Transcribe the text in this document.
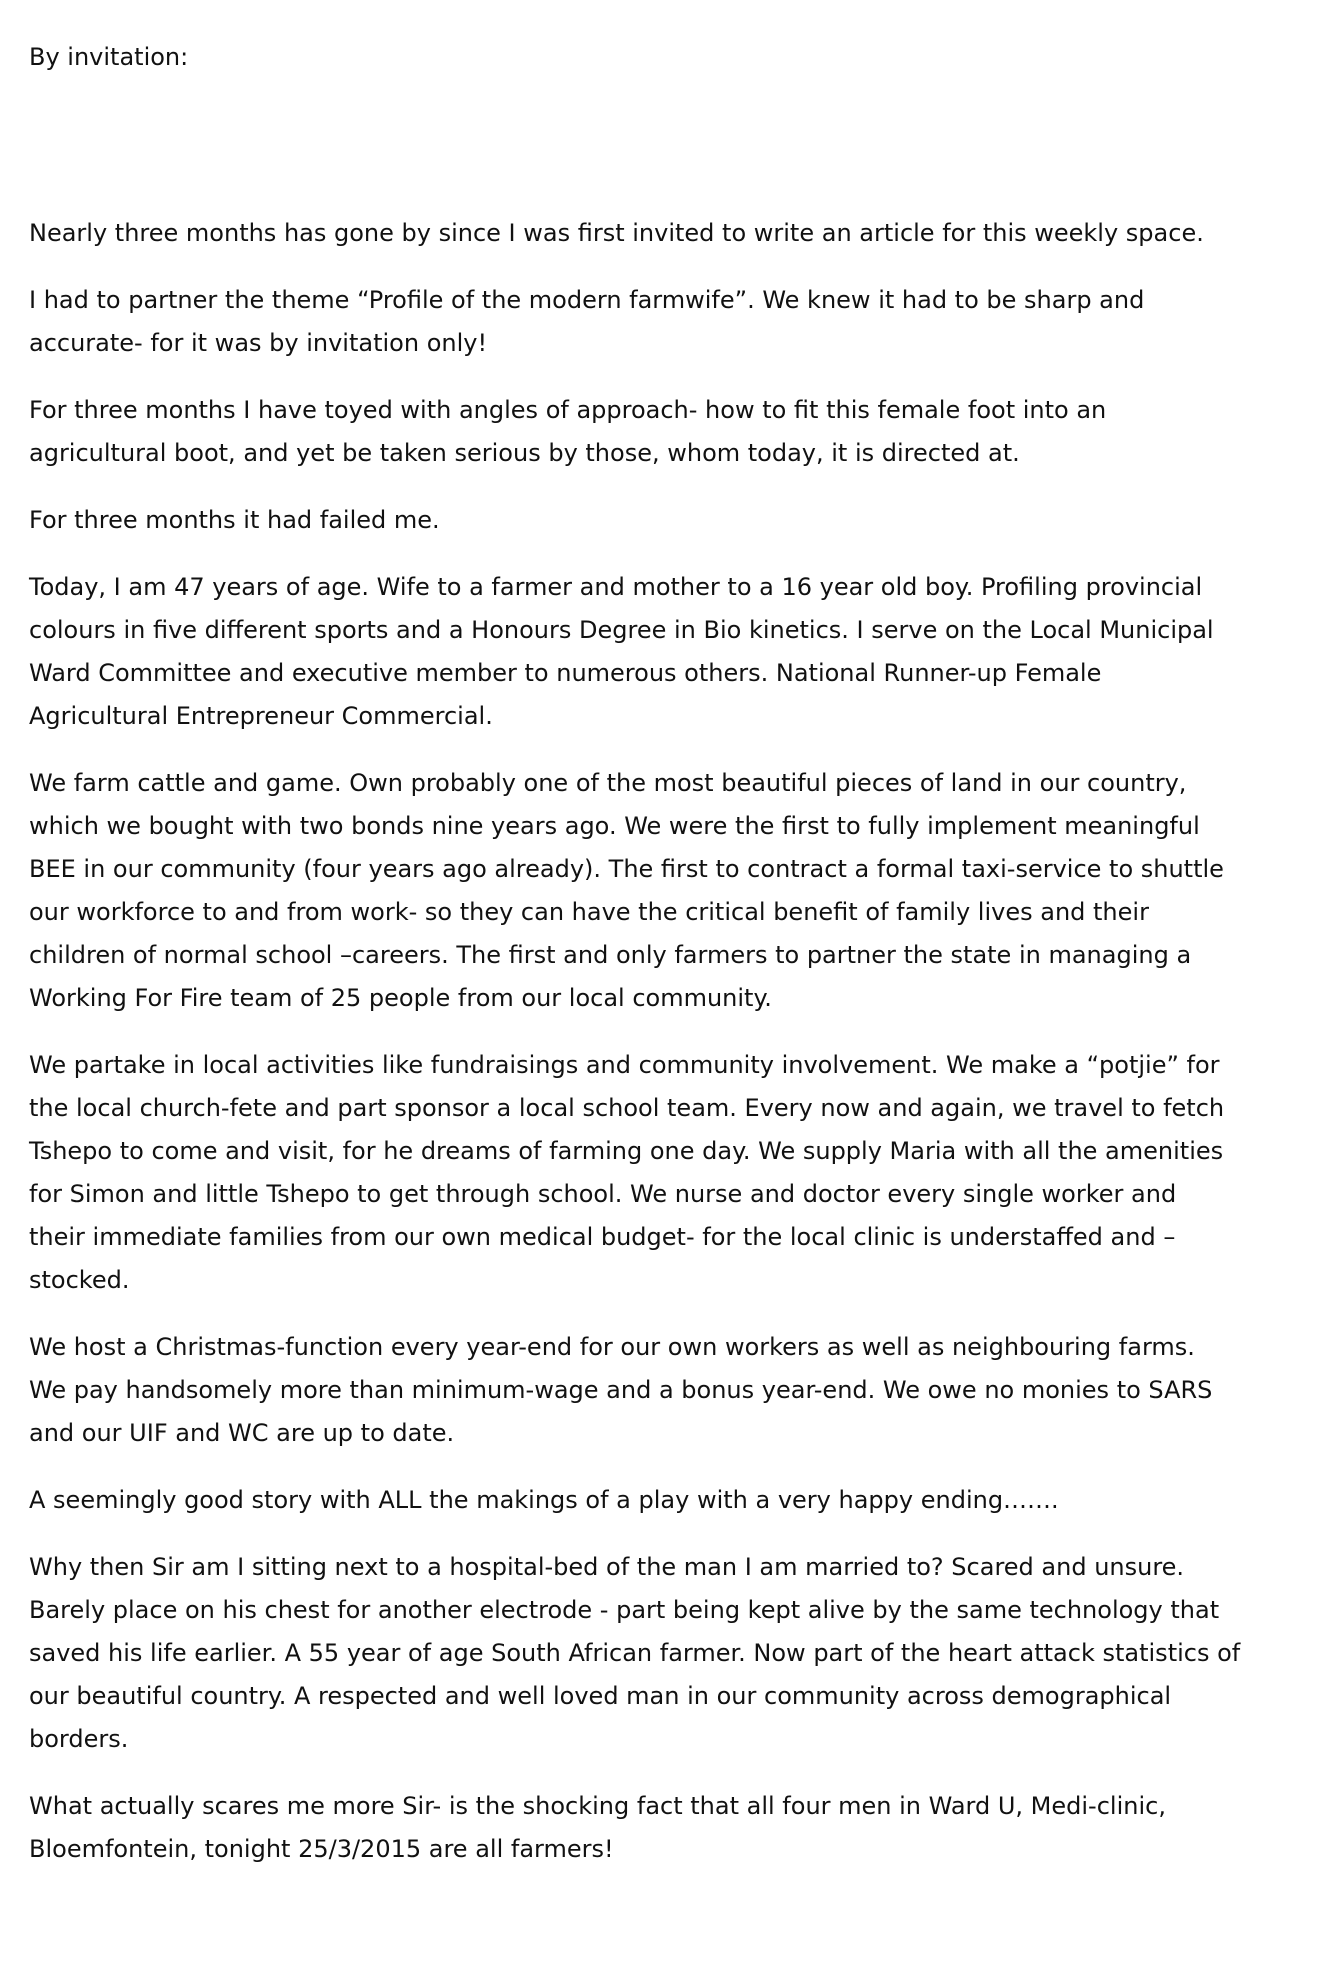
By invitation:

Nearly three months has gone by since I was first invited to write an article for this weekly space.

I had to partner the theme “Profile of the modern farmwife”. We knew it had to be sharp and
accurate- for it was by invitation only!

For three months I have toyed with angles of approach- how to fit this female foot into an
agricultural boot, and yet be taken serious by those, whom today, it is directed at.

For three months it had failed me.

Today, I am 47 years of age. Wife to a farmer and mother to a 16 year old boy. Profiling provincial
colours in five different sports and a Honours Degree in Bio kinetics. I serve on the Local Municipal
Ward Committee and executive member to numerous others. National Runner-up Female
Agricultural Entrepreneur Commercial.

We farm cattle and game. Own probably one of the most beautiful pieces of land in our country,
which we bought with two bonds nine years ago. We were the first to fully implement meaningful
BEE in our community (four years ago already). The first to contract a formal taxi-service to shuttle
our workforce to and from work- so they can have the critical benefit of family lives and their
children of normal school –careers. The first and only farmers to partner the state in managing a
Working For Fire team of 25 people from our local community.

We partake in local activities like fundraisings and community involvement. We make a “potjie” for
the local church-fete and part sponsor a local school team. Every now and again, we travel to fetch
Tshepo to come and visit, for he dreams of farming one day. We supply Maria with all the amenities
for Simon and little Tshepo to get through school. We nurse and doctor every single worker and
their immediate families from our own medical budget- for the local clinic is understaffed and –
stocked.

We host a Christmas-function every year-end for our own workers as well as neighbouring farms.
We pay handsomely more than minimum-wage and a bonus year-end. We owe no monies to SARS
and our UIF and WC are up to date.

A seemingly good story with ALL the makings of a play with a very happy ending…….

Why then Sir am I sitting next to a hospital-bed of the man I am married to? Scared and unsure.
Barely place on his chest for another electrode - part being kept alive by the same technology that
saved his life earlier. A 55 year of age South African farmer. Now part of the heart attack statistics of
our beautiful country. A respected and well loved man in our community across demographical
borders.

What actually scares me more Sir- is the shocking fact that all four men in Ward U, Medi-clinic,
Bloemfontein, tonight 25/3/2015 are all farmers!
